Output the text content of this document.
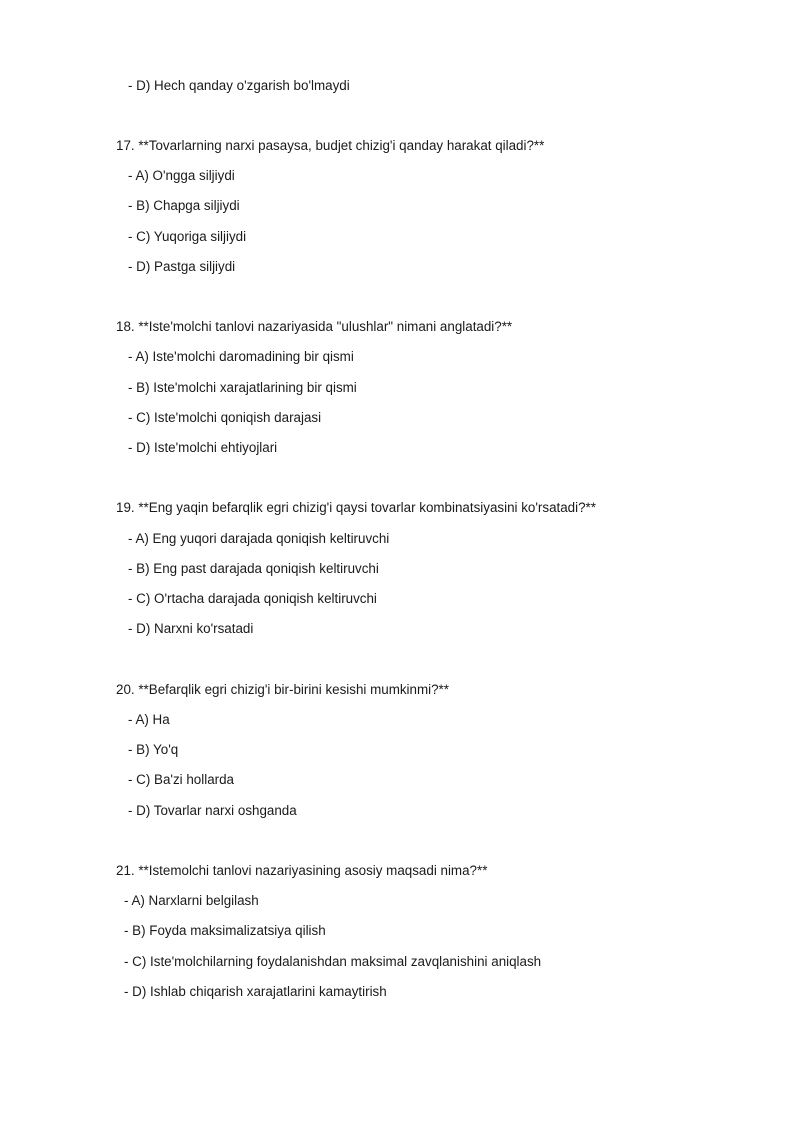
- D) Hech qanday o'zgarish bo'lmaydi
17. **Tovarlarning narxi pasaysa, budjet chizig'i qanday harakat qiladi?**
- A) O'ngga siljiydi
- B) Chapga siljiydi
- C) Yuqoriga siljiydi
- D) Pastga siljiydi
18. **Iste'molchi tanlovi nazariyasida "ulushlar" nimani anglatadi?**
- A) Iste'molchi daromadining bir qismi
- B) Iste'molchi xarajatlarining bir qismi
- C) Iste'molchi qoniqish darajasi
- D) Iste'molchi ehtiyojlari
19. **Eng yaqin befarqlik egri chizig'i qaysi tovarlar kombinatsiyasini ko'rsatadi?**
- A) Eng yuqori darajada qoniqish keltiruvchi
- B) Eng past darajada qoniqish keltiruvchi
- C) O'rtacha darajada qoniqish keltiruvchi
- D) Narxni ko'rsatadi
20. **Befarqlik egri chizig'i bir-birini kesishi mumkinmi?**
- A) Ha
- B) Yo'q
- C) Ba'zi hollarda
- D) Tovarlar narxi oshganda
21. **Istemolchi tanlovi nazariyasining asosiy maqsadi nima?**
- A) Narxlarni belgilash
- B) Foyda maksimalizatsiya qilish
- C) Iste'molchilarning foydalanishdan maksimal zavqlanishini aniqlash
- D) Ishlab chiqarish xarajatlarini kamaytirish
